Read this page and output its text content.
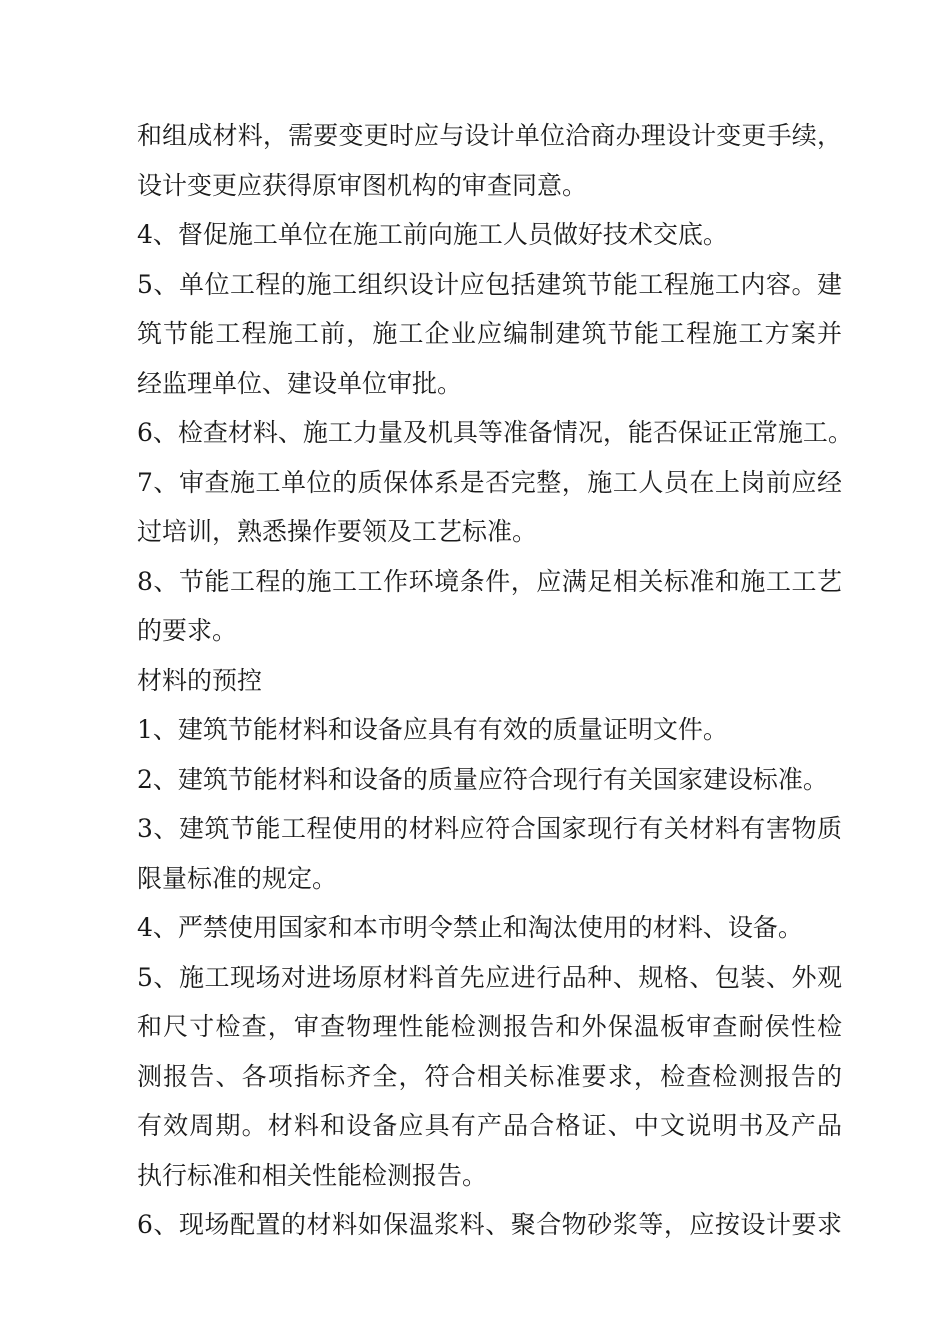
和组成材料，需要变更时应与设计单位洽商办理设计变更手续，
设计变更应获得原审图机构的审查同意。
4、督促施工单位在施工前向施工人员做好技术交底。
5、单位工程的施工组织设计应包括建筑节能工程施工内容。建
筑节能工程施工前，施工企业应编制建筑节能工程施工方案并
经监理单位、建设单位审批。
6、检查材料、施工力量及机具等准备情况，能否保证正常施工。
7、审查施工单位的质保体系是否完整，施工人员在上岗前应经
过培训，熟悉操作要领及工艺标准。
8、节能工程的施工工作环境条件，应满足相关标准和施工工艺
的要求。
材料的预控
1、建筑节能材料和设备应具有有效的质量证明文件。
2、建筑节能材料和设备的质量应符合现行有关国家建设标准。
3、建筑节能工程使用的材料应符合国家现行有关材料有害物质
限量标准的规定。
4、严禁使用国家和本市明令禁止和淘汰使用的材料、设备。
5、施工现场对进场原材料首先应进行品种、规格、包装、外观
和尺寸检查，审查物理性能检测报告和外保温板审查耐侯性检
测报告、各项指标齐全，符合相关标准要求，检查检测报告的
有效周期。材料和设备应具有产品合格证、中文说明书及产品
执行标准和相关性能检测报告。
6、现场配置的材料如保温浆料、聚合物砂浆等，应按设计要求
